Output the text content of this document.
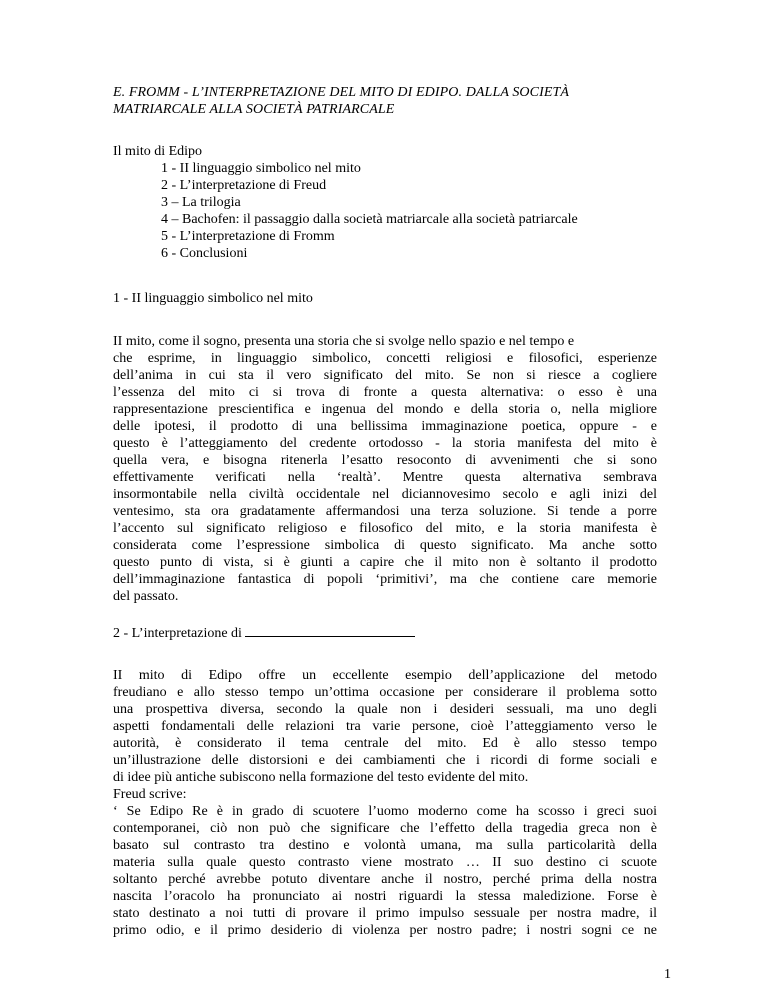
E. FROMM - L’INTERPRETAZIONE DEL MITO DI EDIPO. DALLA SOCIETÀ
MATRIARCALE ALLA SOCIETÀ PATRIARCALE
Il mito di Edipo
1 - II linguaggio simbolico nel mito
2 - L’interpretazione di Freud
3 – La trilogia
4 – Bachofen: il passaggio dalla società matriarcale alla società patriarcale
5 - L’interpretazione di Fromm
6 - Conclusioni
1 - II linguaggio simbolico nel mito
II mito, come il sogno, presenta una storia che si svolge nello spazio e nel tempo e
che esprime, in linguaggio simbolico, concetti religiosi e filosofici, esperienze
dell’anima in cui sta il vero significato del mito. Se non si riesce a cogliere
l’essenza del mito ci si trova di fronte a questa alternativa: o esso è una
rappresentazione prescientifica e ingenua del mondo e della storia o, nella migliore
delle ipotesi, il prodotto di una bellissima immaginazione poetica, oppure - e
questo è l’atteggiamento del credente ortodosso - la storia manifesta del mito è
quella vera, e bisogna ritenerla l’esatto resoconto di avvenimenti che si sono
effettivamente verificati nella ‘realtà’. Mentre questa alternativa sembrava
insormontabile nella civiltà occidentale nel diciannovesimo secolo e agli inizi del
ventesimo, sta ora gradatamente affermandosi una terza soluzione. Si tende a porre
l’accento sul significato religioso e filosofico del mito, e la storia manifesta è
considerata come l’espressione simbolica di questo significato. Ma anche sotto
questo punto di vista, si è giunti a capire che il mito non è soltanto il prodotto
dell’immaginazione fantastica di popoli ‘primitivi’, ma che contiene care memorie
del passato.
2 - L’interpretazione di
II mito di Edipo offre un eccellente esempio dell’applicazione del metodo
freudiano e allo stesso tempo un’ottima occasione per considerare il problema sotto
una prospettiva diversa, secondo la quale non i desideri sessuali, ma uno degli
aspetti fondamentali delle relazioni tra varie persone, cioè l’atteggiamento verso le
autorità, è considerato il tema centrale del mito. Ed è allo stesso tempo
un’illustrazione delle distorsioni e dei cambiamenti che i ricordi di forme sociali e
di idee più antiche subiscono nella formazione del testo evidente del mito.
Freud scrive:
‘ Se Edipo Re è in grado di scuotere l’uomo moderno come ha scosso i greci suoi
contemporanei, ciò non può che significare che l’effetto della tragedia greca non è
basato sul contrasto tra destino e volontà umana, ma sulla particolarità della
materia sulla quale questo contrasto viene mostrato … II suo destino ci scuote
soltanto perché avrebbe potuto diventare anche il nostro, perché prima della nostra
nascita l’oracolo ha pronunciato ai nostri riguardi la stessa maledizione. Forse è
stato destinato a noi tutti di provare il primo impulso sessuale per nostra madre, il
primo odio, e il primo desiderio di violenza per nostro padre; i nostri sogni ce ne
1
